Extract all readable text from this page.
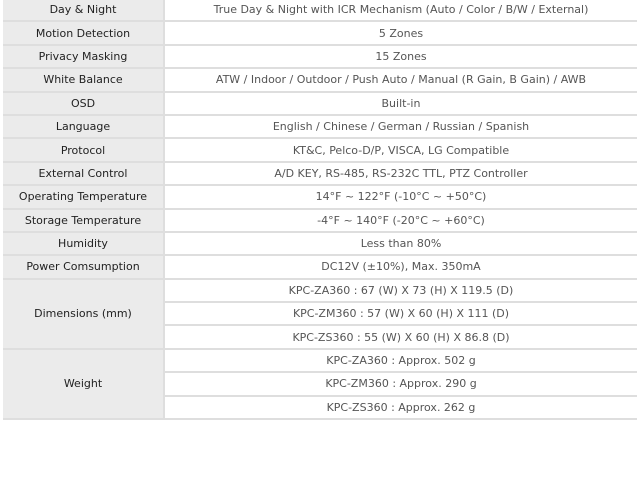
Dimensions (mm)
KPC-ZA360 : 67 (W) X 73 (H) X 119.5 (D)
KPC-ZM360 : 57 (W) X 60 (H) X 111 (D)
KPC-ZS360 : 55 (W) X 60 (H) X 86.8 (D)
Weight
KPC-ZA360 : Approx. 502 g
KPC-ZM360 : Approx. 290 g
KPC-ZS360 : Approx. 262 g
Day & Night	True Day & Night with ICR Mechanism (Auto / Color / B/W / External)
Motion Detection	5 Zones
Privacy Masking	15 Zones
White Balance	ATW / Indoor / Outdoor / Push Auto / Manual (R Gain, B Gain) / AWB
OSD	Built-in
Language	English / Chinese / German / Russian / Spanish
Protocol	KT&C, Pelco-D/P, VISCA, LG Compatible
External Control	A/D KEY, RS-485, RS-232C TTL, PTZ Controller
Operating Temperature	14°F ~ 122°F (-10°C ~ +50°C)
Storage Temperature	-4°F ~ 140°F (-20°C ~ +60°C)
Humidity	Less than 80%
Power Comsumption	DC12V (±10%), Max. 350mA
